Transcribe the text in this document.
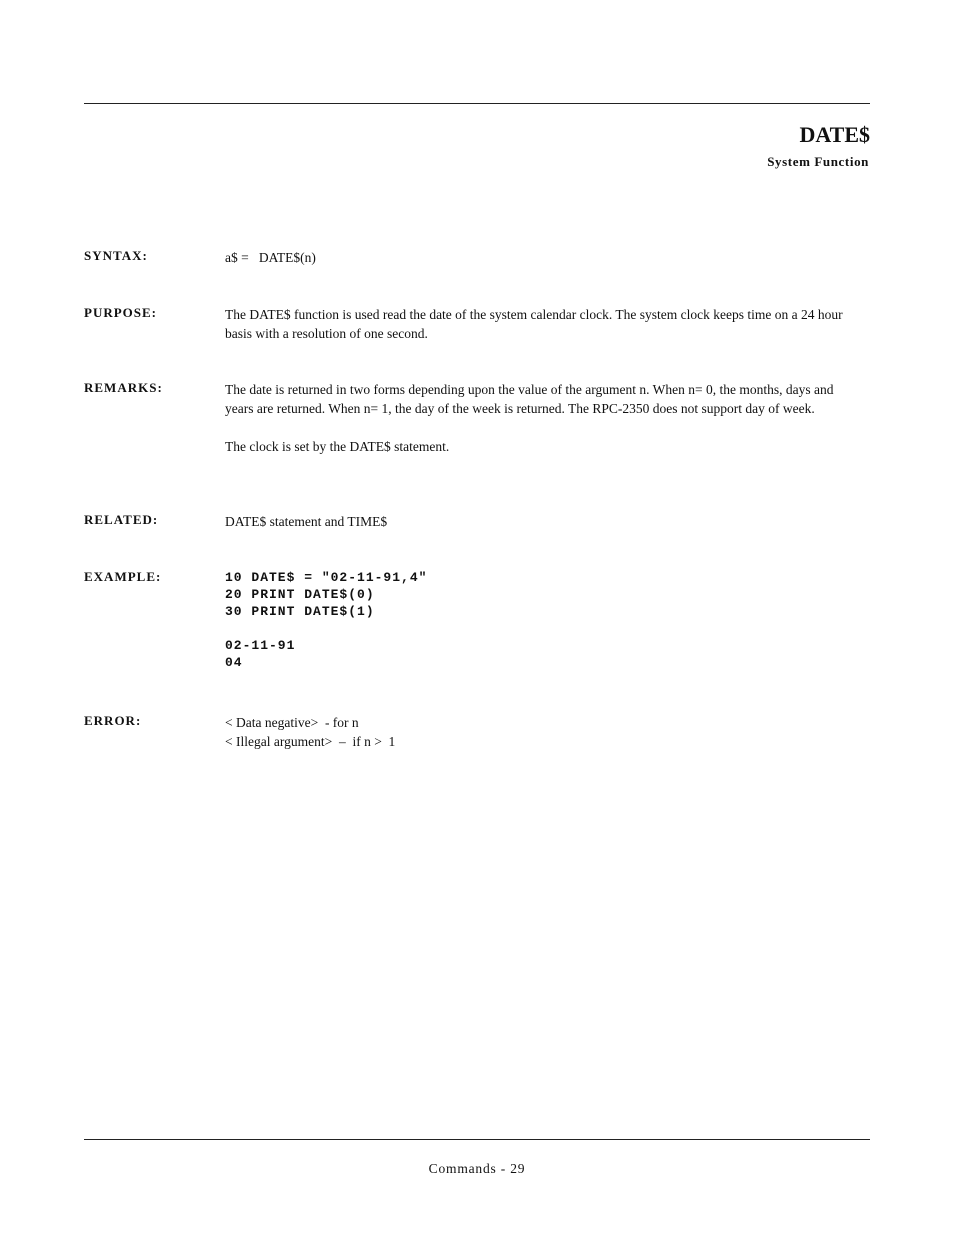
DATE$
System Function
SYNTAX:	a$ =   DATE$(n)
PURPOSE:	The DATE$ function is used read the date of the system calendar clock. The system clock keeps time on a 24 hour basis with a resolution of one second.

REMARKS:	The date is returned in two forms depending upon the value of the argument n. When n= 0, the months, days and years are returned. When n= 1, the day of the week is returned. The RPC-2350 does not support day of week.

The clock is set by the DATE$ statement.

RELATED:	DATE$ statement and TIME$
EXAMPLE:	10 DATE$ = "02-11-91,4"
20 PRINT DATE$(0)
30 PRINT DATE$(1)
02-11-91
04
ERROR:	< Data negative>  - for n
< Illegal argument>  –  if n >  1
Commands - 29
